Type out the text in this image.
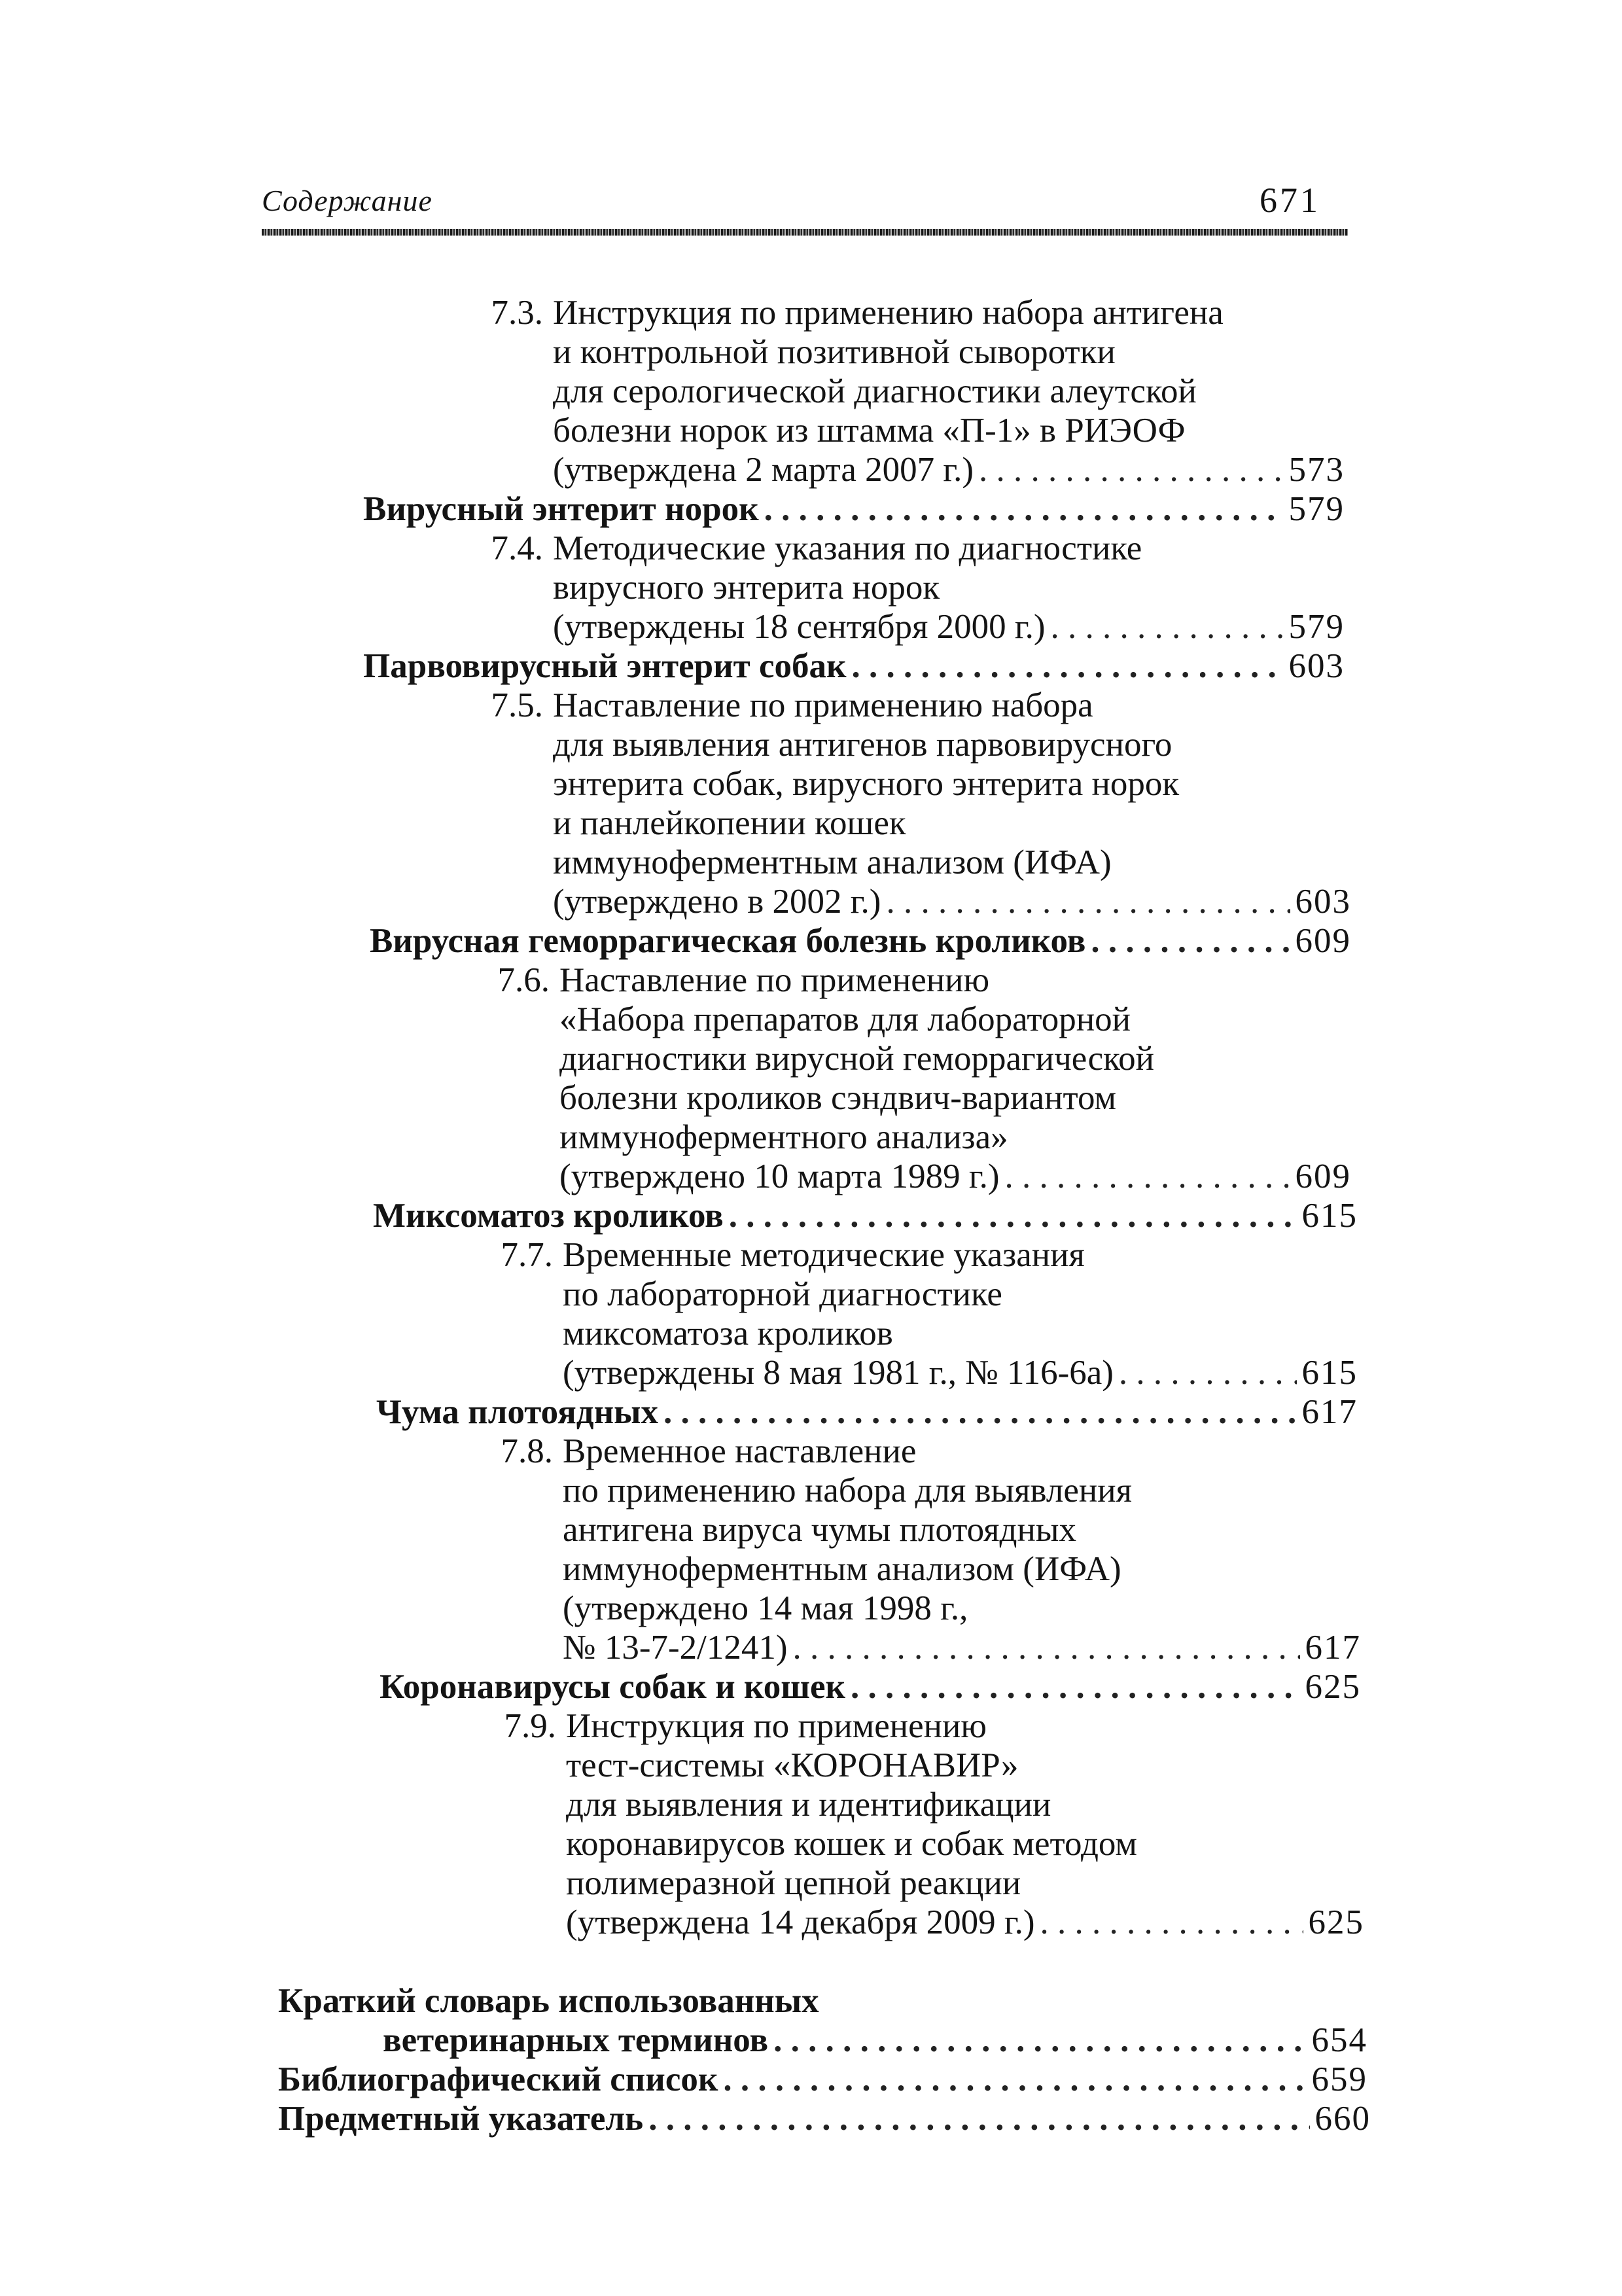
Содержание	671
7.3. Инструкция по применению набора антигена
и контрольной позитивной сыворотки
для серологической диагностики алеутской
болезни норок из штамма «П-1» в РИЭОФ
(утверждена 2 марта 2007 г.) . . .	573
Вирусный энтерит норок . . .	579
7.4. Методические указания по диагностике
вирусного энтерита норок
(утверждены 18 сентября 2000 г.) . . .	579
Парвовирусный энтерит собак . . .	603
7.5. Наставление по применению набора
для выявления антигенов парвовирусного
энтерита собак, вирусного энтерита норок
и панлейкопении кошек
иммуноферментным анализом (ИФА)
(утверждено в 2002 г.) . . .	603
Вирусная геморрагическая болезнь кроликов . . .	609
7.6. Наставление по применению
«Набора препаратов для лабораторной
диагностики вирусной геморрагической
болезни кроликов сэндвич-вариантом
иммуноферментного анализа»
(утверждено 10 марта 1989 г.) . . .	609
Миксоматоз кроликов . . .	615
7.7. Временные методические указания
по лабораторной диагностике
миксоматоза кроликов
(утверждены 8 мая 1981 г., № 116-6а) . . .	615
Чума плотоядных . . .	617
7.8. Временное наставление
по применению набора для выявления
антигена вируса чумы плотоядных
иммуноферментным анализом (ИФА)
(утверждено 14 мая 1998 г.,
№ 13-7-2/1241) . . .	617
Коронавирусы собак и кошек . . .	625
7.9. Инструкция по применению
тест-системы «КОРОНАВИР»
для выявления и идентификации
коронавирусов кошек и собак методом
полимеразной цепной реакции
(утверждена 14 декабря 2009 г.) . . .	625
Краткий словарь использованных
ветеринарных терминов . . .	654
Библиографический список . . .	659
Предметный указатель . . .	660
